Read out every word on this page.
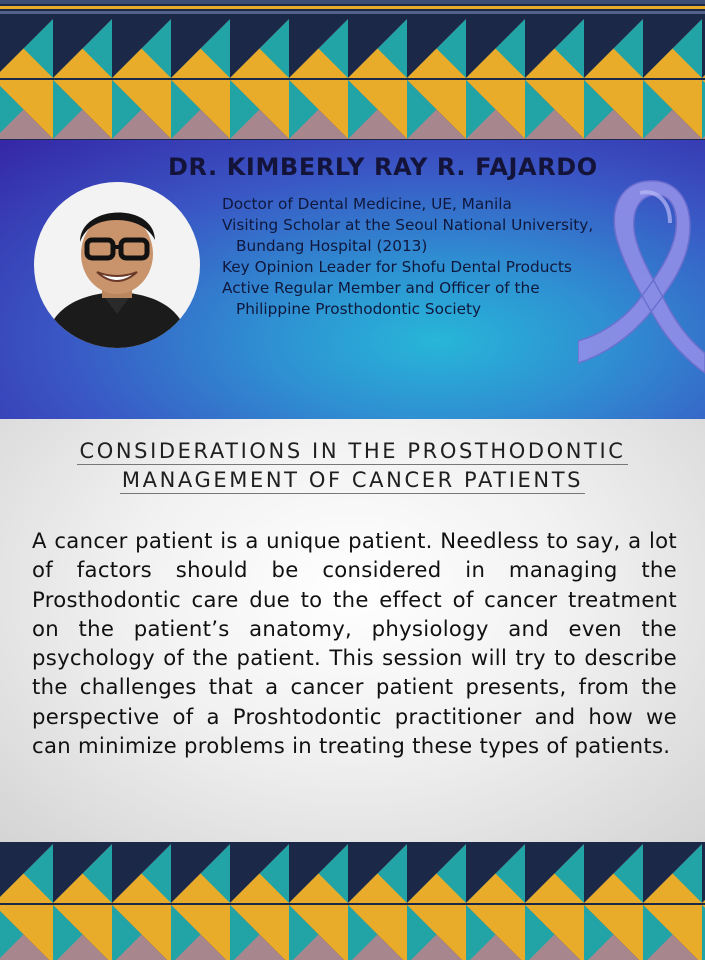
DR. KIMBERLY RAY R. FAJARDO
Doctor of Dental Medicine, UE, Manila
Visiting Scholar at the Seoul National University,
Bundang Hospital (2013)
Key Opinion Leader for Shofu Dental Products
Active Regular Member and Officer of the
Philippine Prosthodontic Society
CONSIDERATIONS IN THE PROSTHODONTIC
MANAGEMENT OF CANCER PATIENTS

A cancer patient is a unique patient. Needless to say, a lot of factors should be considered in managing the Prosthodontic care due to the effect of cancer treatment on the patient’s anatomy, physiology and even the psychology of the patient. This session will try to describe the challenges that a cancer patient presents, from the perspective of a Proshtodontic practitioner and how we can minimize problems in treating these types of patients.
